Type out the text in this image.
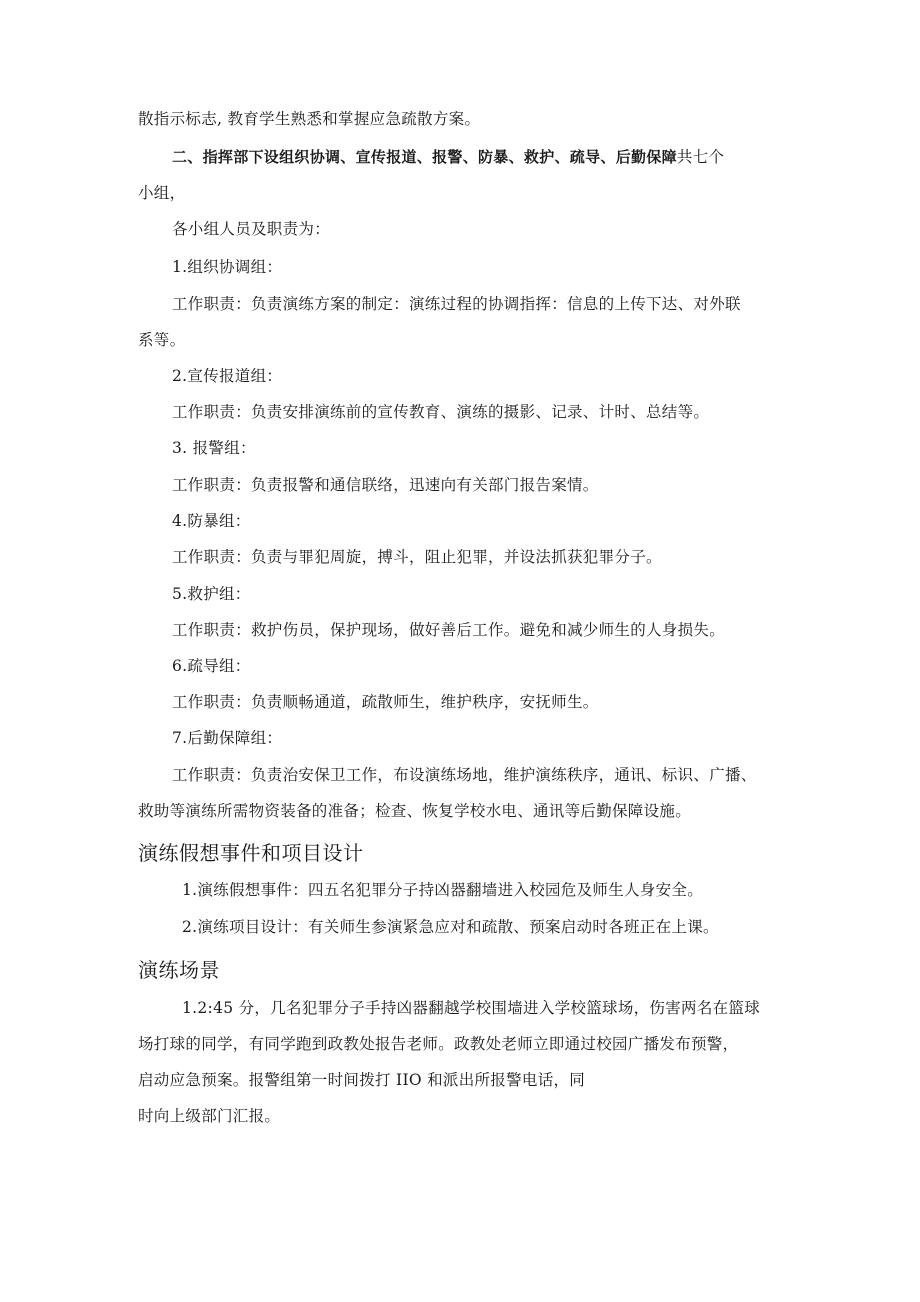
散指示标志, 教育学生熟悉和掌握应急疏散方案。
二、指挥部下设组织协调、宣传报道、报警、防暴、救护、疏导、后勤保障共七个
小组，
各小组人员及职责为：
1.组织协调组：
工作职责：负责演练方案的制定：演练过程的协调指挥：信息的上传下达、对外联
系等。
2.宣传报道组：
工作职责：负责安排演练前的宣传教育、演练的摄影、记录、计时、总结等。
3. 报警组：
工作职责：负责报警和通信联络，迅速向有关部门报告案情。
4.防暴组：
工作职责：负责与罪犯周旋，搏斗，阻止犯罪，并设法抓获犯罪分子。
5.救护组：
工作职责：救护伤员，保护现场，做好善后工作。避免和减少师生的人身损失。
6.疏导组：
工作职责：负责顺畅通道，疏散师生，维护秩序，安抚师生。
7.后勤保障组：
工作职责：负责治安保卫工作，布设演练场地，维护演练秩序，通讯、标识、广播、
救助等演练所需物资装备的准备；检查、恢复学校水电、通讯等后勤保障设施。
演练假想事件和项目设计
1.演练假想事件：四五名犯罪分子持凶器翻墙进入校园危及师生人身安全。
2.演练项目设计：有关师生参演紧急应对和疏散、预案启动时各班正在上课。
演练场景
1.2:45 分，几名犯罪分子手持凶器翻越学校围墙进入学校篮球场，伤害两名在篮球
场打球的同学，有同学跑到政教处报告老师。政教处老师立即通过校园广播发布预警，
启动应急预案。报警组第一时间拨打 IIO 和派出所报警电话，同
时向上级部门汇报。
